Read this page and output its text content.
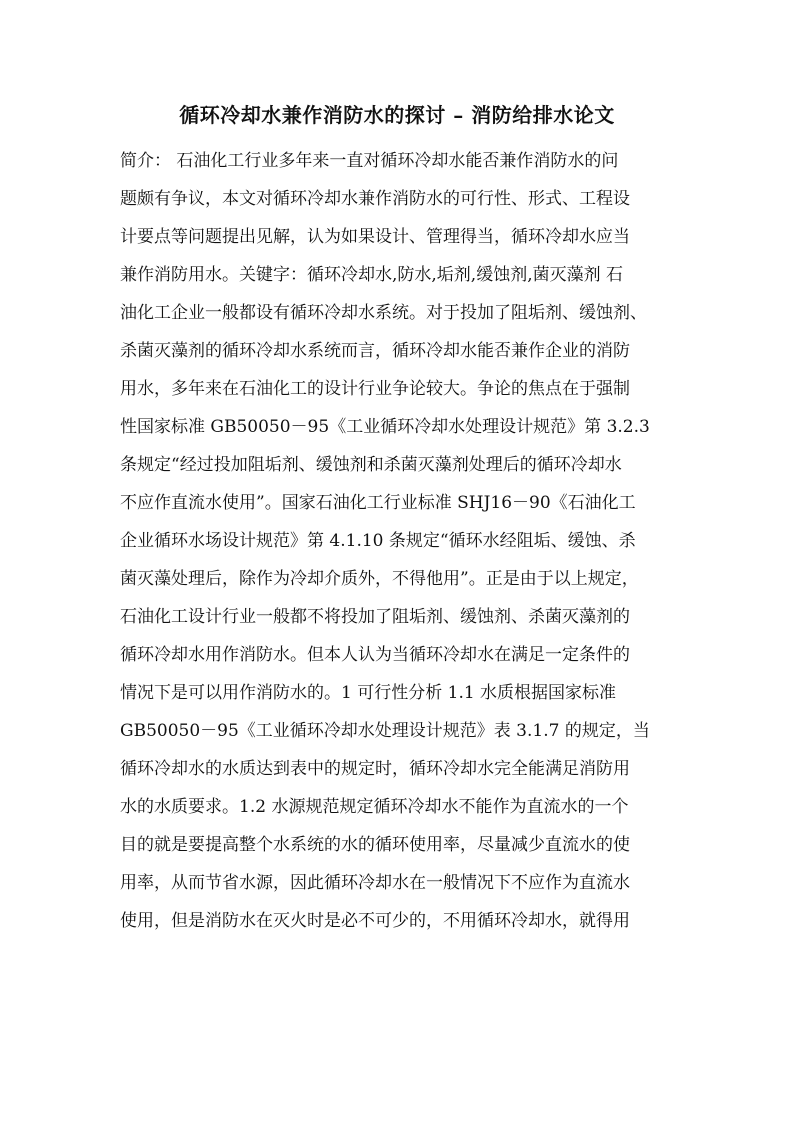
循环冷却水兼作消防水的探讨 – 消防给排水论文
简介： 石油化工行业多年来一直对循环冷却水能否兼作消防水的问
题颇有争议，本文对循环冷却水兼作消防水的可行性、形式、工程设
计要点等问题提出见解，认为如果设计、管理得当，循环冷却水应当
兼作消防用水。关键字：循环冷却水,防水,垢剂,缓蚀剂,菌灭藻剂 石
油化工企业一般都设有循环冷却水系统。对于投加了阻垢剂、缓蚀剂、
杀菌灭藻剂的循环冷却水系统而言，循环冷却水能否兼作企业的消防
用水，多年来在石油化工的设计行业争论较大。争论的焦点在于强制
性国家标准 GB50050－95《工业循环冷却水处理设计规范》第 3.2.3
条规定“经过投加阻垢剂、缓蚀剂和杀菌灭藻剂处理后的循环冷却水
不应作直流水使用”。国家石油化工行业标准 SHJ16－90《石油化工
企业循环水场设计规范》第 4.1.10 条规定“循环水经阻垢、缓蚀、杀
菌灭藻处理后，除作为冷却介质外，不得他用”。正是由于以上规定，
石油化工设计行业一般都不将投加了阻垢剂、缓蚀剂、杀菌灭藻剂的
循环冷却水用作消防水。但本人认为当循环冷却水在满足一定条件的
情况下是可以用作消防水的。1 可行性分析 1.1 水质根据国家标准
GB50050－95《工业循环冷却水处理设计规范》表 3.1.7 的规定，当
循环冷却水的水质达到表中的规定时，循环冷却水完全能满足消防用
水的水质要求。1.2 水源规范规定循环冷却水不能作为直流水的一个
目的就是要提高整个水系统的水的循环使用率，尽量减少直流水的使
用率，从而节省水源，因此循环冷却水在一般情况下不应作为直流水
使用，但是消防水在灭火时是必不可少的，不用循环冷却水，就得用
